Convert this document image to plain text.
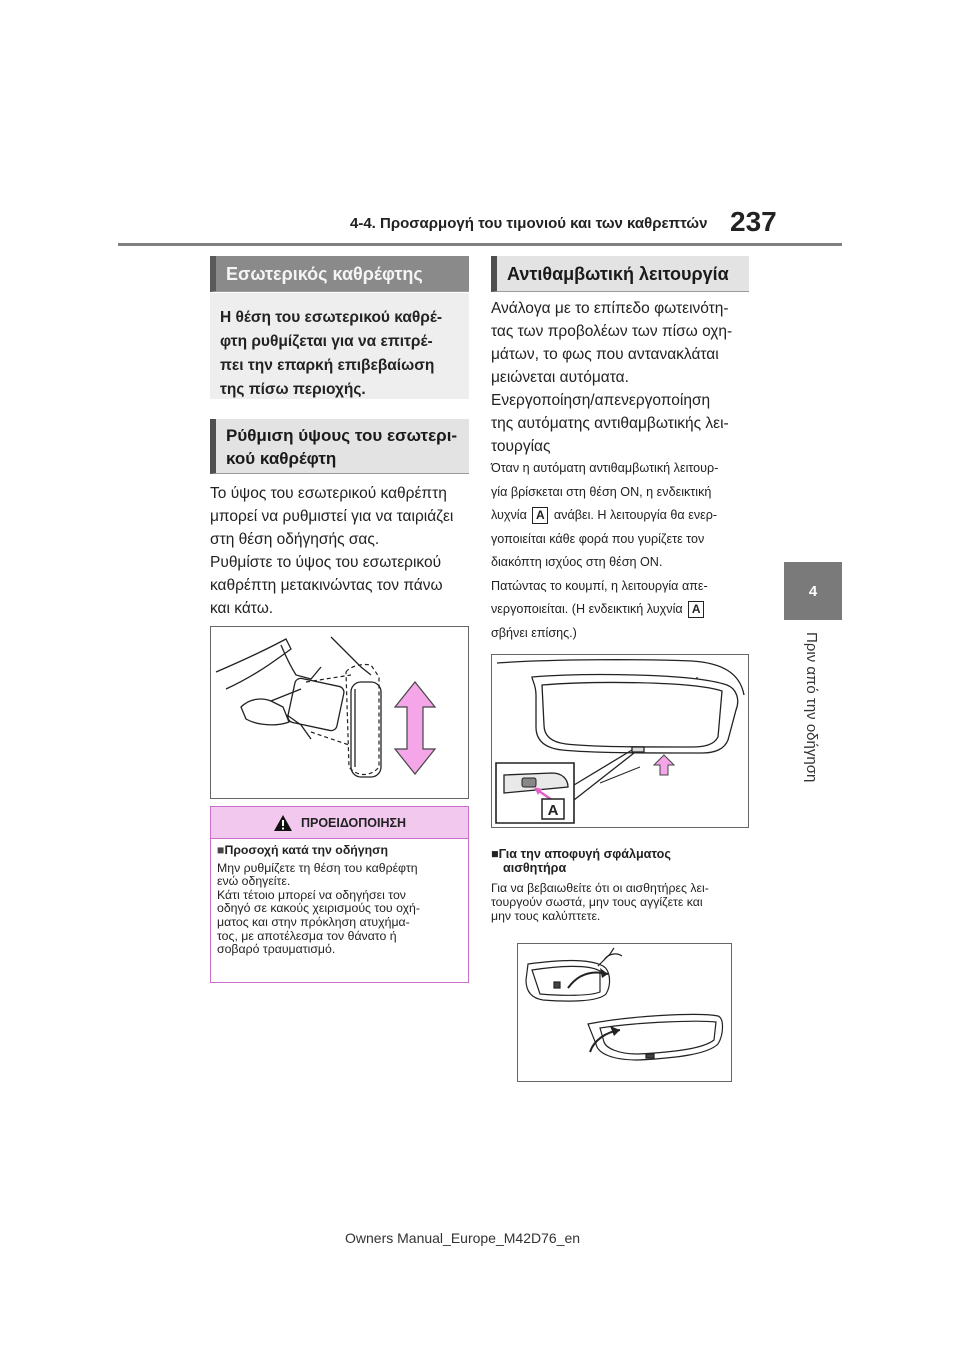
4-4. Προσαρμογή του τιμονιού και των καθρεπτών 237
4
Πριν από την οδήγηση
Εσωτερικός καθρέφτης
Η θέση του εσωτερικού καθρέ-
φτη ρυθμίζεται για να επιτρέ-
πει την επαρκή επιβεβαίωση
της πίσω περιοχής.
Ρύθμιση ύψους του εσωτερι-
κού καθρέφτη
Το ύψος του εσωτερικού καθρέπτη
μπορεί να ρυθμιστεί για να ταιριάζει
στη θέση οδήγησής σας.
Ρυθμίστε το ύψος του εσωτερικού
καθρέπτη μετακινώντας τον πάνω
και κάτω.
ΠΡΟΕΙΔΟΠΟΙΗΣΗ
■Προσοχή κατά την οδήγηση
Μην ρυθμίζετε τη θέση του καθρέφτη
ενώ οδηγείτε.
Κάτι τέτοιο μπορεί να οδηγήσει τον
οδηγό σε κακούς χειρισμούς του οχή-
ματος και στην πρόκληση ατυχήμα-
τος, με αποτέλεσμα τον θάνατο ή
σοβαρό τραυματισμό.
Αντιθαμβωτική λειτουργία
Ανάλογα με το επίπεδο φωτεινότη-
τας των προβολέων των πίσω οχη-
μάτων, το φως που αντανακλάται
μειώνεται αυτόματα.
Ενεργοποίηση/απενεργοποίηση
της αυτόματης αντιθαμβωτικής λει-
τουργίας
Όταν η αυτόματη αντιθαμβωτική λειτουρ-
γία βρίσκεται στη θέση ON, η ενδεικτική
λυχνία A ανάβει. Η λειτουργία θα ενερ-
γοποιείται κάθε φορά που γυρίζετε τον
διακόπτη ισχύος στη θέση ON.
Πατώντας το κουμπί, η λειτουργία απε-
νεργοποιείται. (Η ενδεικτική λυχνία A
σβήνει επίσης.)
A
■Για την αποφυγή σφάλματος
αισθητήρα
Για να βεβαιωθείτε ότι οι αισθητήρες λει-
τουργούν σωστά, μην τους αγγίζετε και
μην τους καλύπτετε.
Owners Manual_Europe_M42D76_en
